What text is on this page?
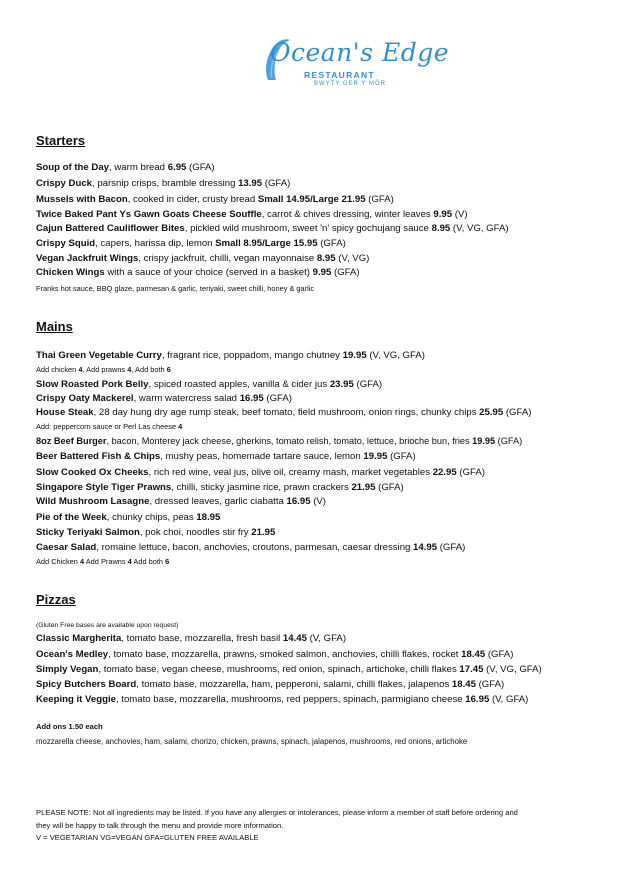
Ocean's Edge
RESTAURANT
BWYTY GER Y MÔR
Starters
Soup of the Day, warm bread 6.95 (GFA)
Crispy Duck, parsnip crisps, bramble dressing 13.95 (GFA)
Mussels with Bacon, cooked in cider, crusty bread Small 14.95/Large 21.95 (GFA)
Twice Baked Pant Ys Gawn Goats Cheese Souffle, carrot & chives dressing, winter leaves 9.95 (V)
Cajun Battered Cauliflower Bites, pickled wild mushroom, sweet 'n' spicy gochujang sauce 8.95 (V, VG, GFA)
Crispy Squid, capers, harissa dip, lemon Small 8.95/Large 15.95 (GFA)
Vegan Jackfruit Wings, crispy jackfruit, chilli, vegan mayonnaise 8.95 (V, VG)
Chicken Wings with a sauce of your choice (served in a basket) 9.95 (GFA)
Franks hot sauce, BBQ glaze, parmesan & garlic, teriyaki, sweet chilli, honey & garlic
Mains
Thai Green Vegetable Curry, fragrant rice, poppadom, mango chutney 19.95 (V, VG, GFA)
Add chicken 4, Add prawns 4, Add both 6
Slow Roasted Pork Belly, spiced roasted apples, vanilla & cider jus 23.95 (GFA)
Crispy Oaty Mackerel, warm watercress salad 16.95 (GFA)
House Steak, 28 day hung dry age rump steak, beef tomato, field mushroom, onion rings, chunky chips 25.95 (GFA)
Add: peppercorn sauce or Perl Las cheese 4
8oz Beef Burger, bacon, Monterey jack cheese, gherkins, tomato relish, tomato, lettuce, brioche bun, fries 19.95 (GFA)
Beer Battered Fish & Chips, mushy peas, homemade tartare sauce, lemon 19.95 (GFA)
Slow Cooked Ox Cheeks, rich red wine, veal jus, olive oil, creamy mash, market vegetables 22.95 (GFA)
Singapore Style Tiger Prawns, chilli, sticky jasmine rice, prawn crackers 21.95 (GFA)
Wild Mushroom Lasagne, dressed leaves, garlic ciabatta 16.95 (V)
Pie of the Week, chunky chips, peas 18.95
Sticky Teriyaki Salmon, pok choi, noodles stir fry 21.95
Caesar Salad, romaine lettuce, bacon, anchovies, croutons, parmesan, caesar dressing 14.95 (GFA)
Add Chicken 4 Add Prawns 4 Add both 6
Pizzas
(Gluten Free bases are available upon request)
Classic Margherita, tomato base, mozzarella, fresh basil 14.45 (V, GFA)
Ocean's Medley, tomato base, mozzarella, prawns, smoked salmon, anchovies, chilli flakes, rocket 18.45 (GFA)
Simply Vegan, tomato base, vegan cheese, mushrooms, red onion, spinach, artichoke, chilli flakes 17.45 (V, VG, GFA)
Spicy Butchers Board, tomato base, mozzarella, ham, pepperoni, salami, chilli flakes, jalapenos 18.45 (GFA)
Keeping it Veggie, tomato base, mozzarella, mushrooms, red peppers, spinach, parmigiano cheese 16.95 (V, GFA)
Add ons 1.50 each
mozzarella cheese, anchovies, ham, salami, chorizo, chicken, prawns, spinach, jalapenos, mushrooms, red onions, artichoke
PLEASE NOTE: Not all ingredients may be listed. If you have any allergies or intolerances, please inform a member of staff before ordering and
they will be happy to talk through the menu and provide more information.
V = VEGETARIAN VG=VEGAN GFA=GLUTEN FREE AVAILABLE
